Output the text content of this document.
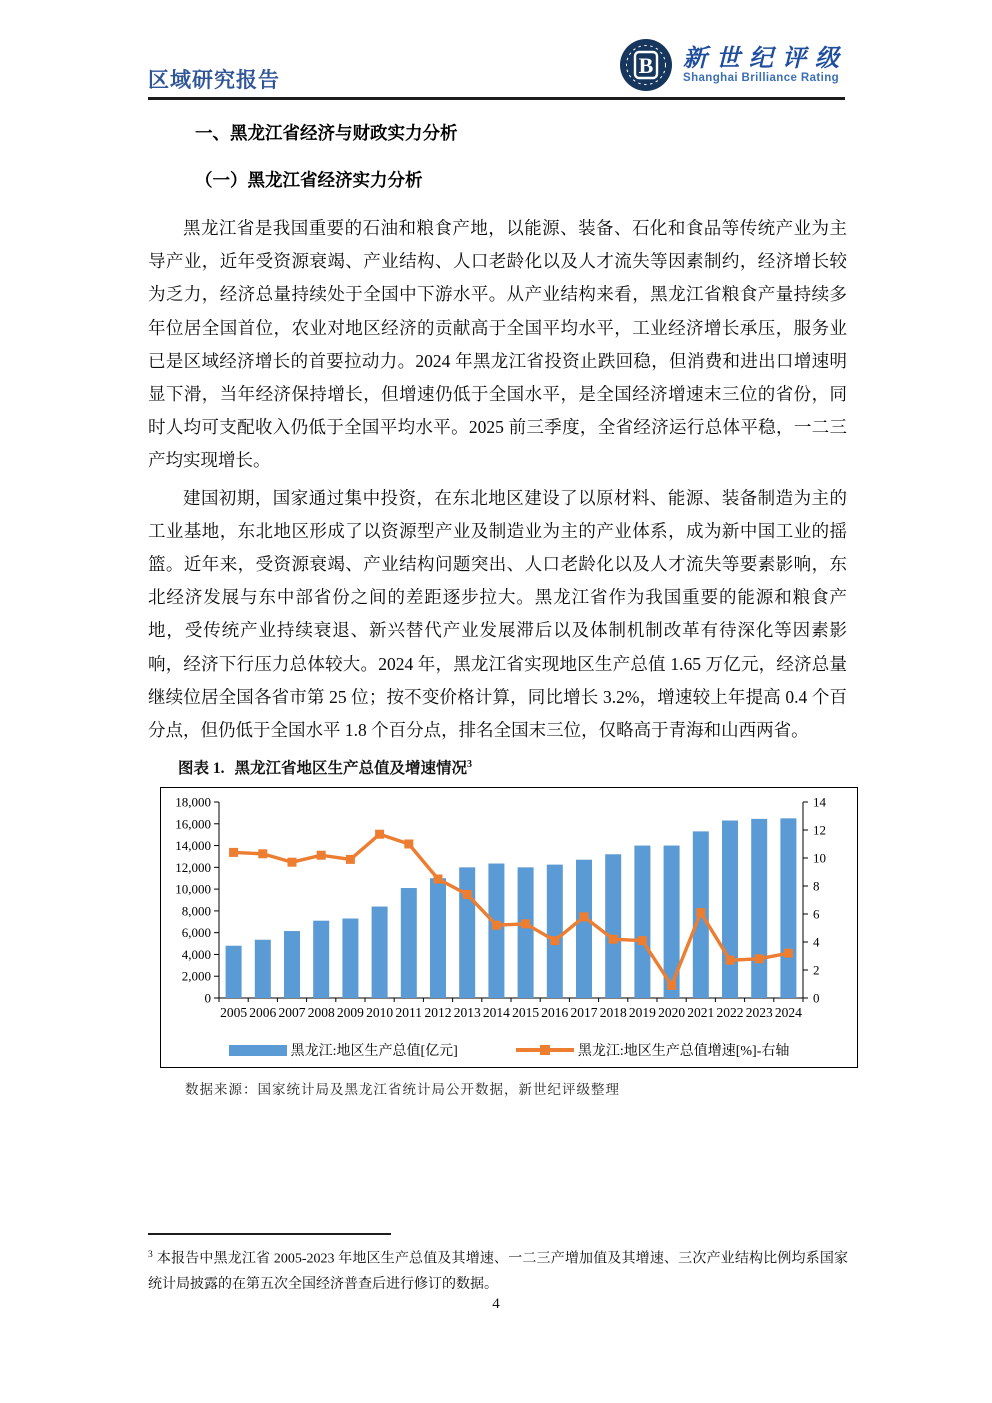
区域研究报告
B 新世纪评级
Shanghai Brilliance Rating
一、黑龙江省经济与财政实力分析
（一）黑龙江省经济实力分析

黑龙江省是我国重要的石油和粮食产地，以能源、装备、石化和食品等传统产业为主导产业，近年受资源衰竭、产业结构、人口老龄化以及人才流失等因素制约，经济增长较为乏力，经济总量持续处于全国中下游水平。从产业结构来看，黑龙江省粮食产量持续多年位居全国首位，农业对地区经济的贡献高于全国平均水平，工业经济增长承压，服务业已是区域经济增长的首要拉动力。2024 年黑龙江省投资止跌回稳，但消费和进出口增速明显下滑，当年经济保持增长，但增速仍低于全国水平，是全国经济增速末三位的省份，同时人均可支配收入仍低于全国平均水平。2025 前三季度，全省经济运行总体平稳，一二三产均实现增长。

建国初期，国家通过集中投资，在东北地区建设了以原材料、能源、装备制造为主的工业基地，东北地区形成了以资源型产业及制造业为主的产业体系，成为新中国工业的摇篮。近年来，受资源衰竭、产业结构问题突出、人口老龄化以及人才流失等要素影响，东北经济发展与东中部省份之间的差距逐步拉大。黑龙江省作为我国重要的能源和粮食产地，受传统产业持续衰退、新兴替代产业发展滞后以及体制机制改革有待深化等因素影响，经济下行压力总体较大。2024 年，黑龙江省实现地区生产总值 1.65 万亿元，经济总量继续位居全国各省市第 25 位；按不变价格计算，同比增长 3.2%，增速较上年提高 0.4 个百分点，但仍低于全国水平 1.8 个百分点，排名全国末三位，仅略高于青海和山西两省。

图表 1. 黑龙江省地区生产总值及增速情况$^3$
0
2,000
4,000
6,000
8,000
10,000
12,000
14,000
16,000
18,000
0
2
4
6
8
10
12
14
2005 2006 2007 2008 2009 2010 2011 2012 2013 2014 2015 2016 2017 2018 2019 2020 2021 2022 2023 2024
黑龙江:地区生产总值[亿元]	黑龙江:地区生产总值增速[%]-右轴
数据来源：国家统计局及黑龙江省统计局公开数据，新世纪评级整理
$^3$ 本报告中黑龙江省 2005-2023 年地区生产总值及其增速、一二三产增加值及其增速、三次产业结构比例均系国家统计局披露的在第五次全国经济普查后进行修订的数据。
4
